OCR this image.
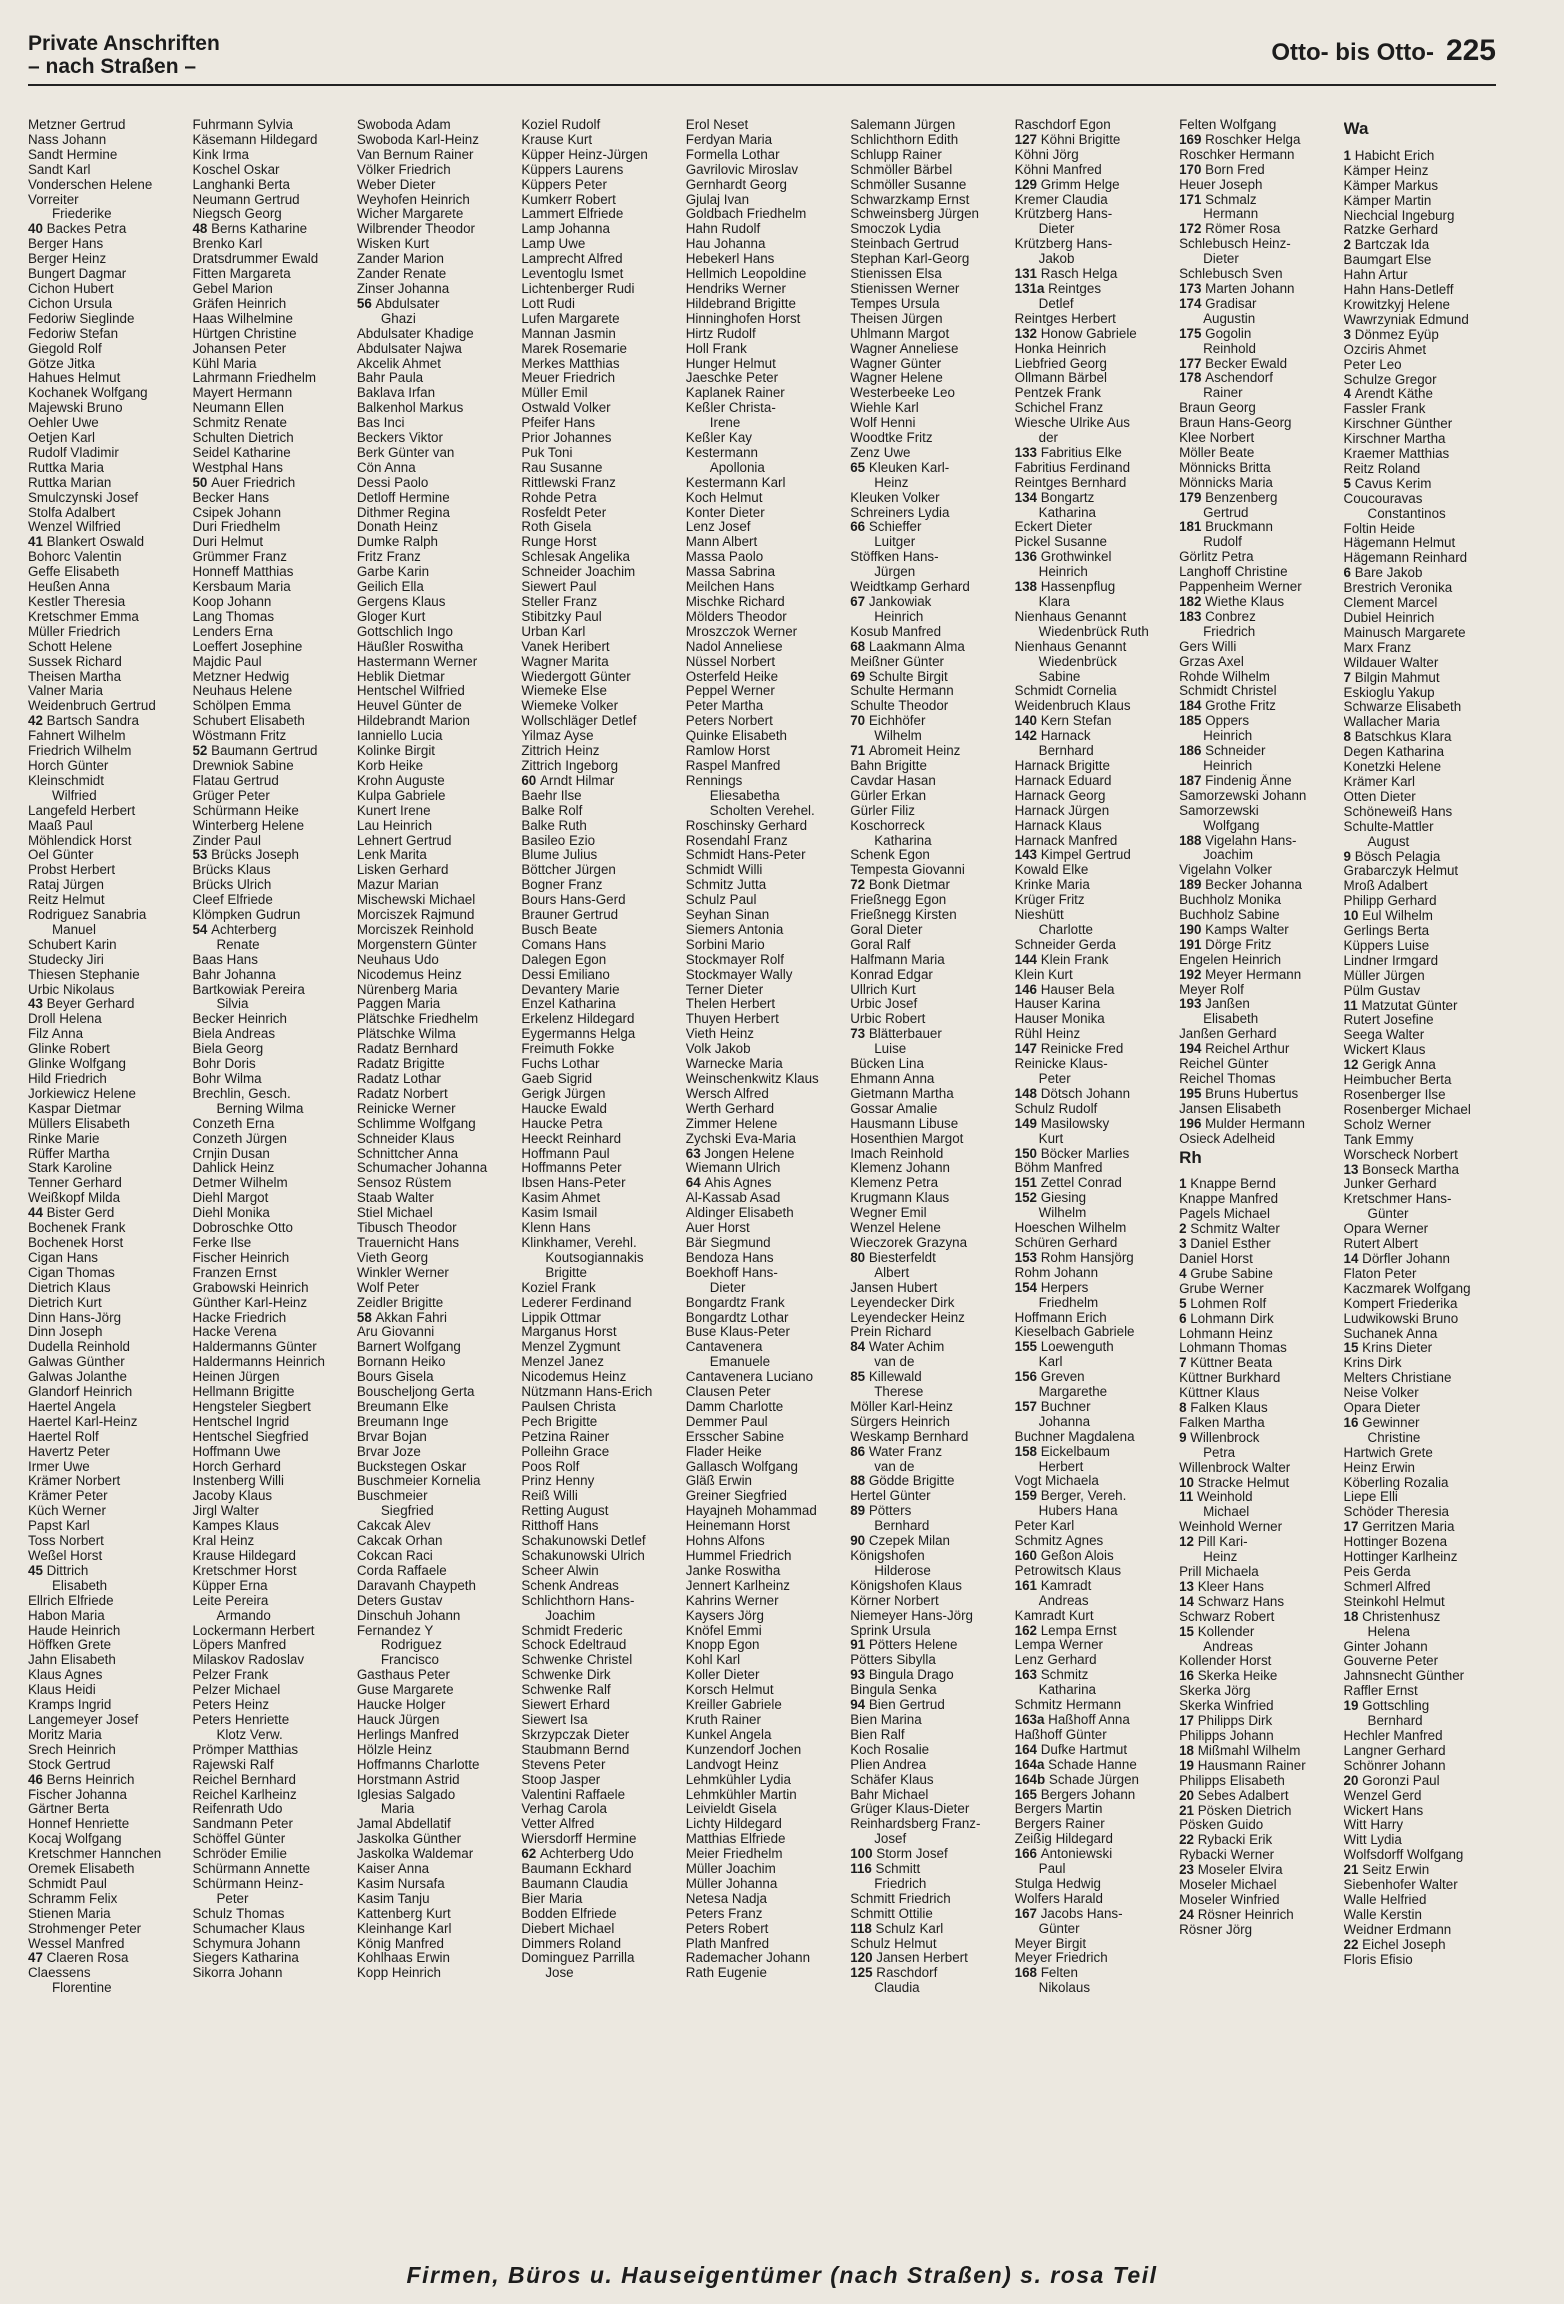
Private Anschriften
– nach Straßen –
Otto- bis Otto- 225
Metzner Gertrud
Nass Johann
Sandt Hermine
Sandt Karl
Vonderschen Helene
Vorreiter
Friederike
40 Backes Petra
Berger Hans
Berger Heinz
Bungert Dagmar
Cichon Hubert
Cichon Ursula
Fedoriw Sieglinde
Fedoriw Stefan
Giegold Rolf
Götze Jitka
Hahues Helmut
Kochanek Wolfgang
Majewski Bruno
Oehler Uwe
Oetjen Karl
Rudolf Vladimir
Ruttka Maria
Ruttka Marian
Smulczynski Josef
Stolfa Adalbert
Wenzel Wilfried
41 Blankert Oswald
Bohorc Valentin
Geffe Elisabeth
Heußen Anna
Kestler Theresia
Kretschmer Emma
Müller Friedrich
Schott Helene
Sussek Richard
Theisen Martha
Valner Maria
Weidenbruch Gertrud
42 Bartsch Sandra
Fahnert Wilhelm
Friedrich Wilhelm
Horch Günter
Kleinschmidt
Wilfried
Langefeld Herbert
Maaß Paul
Möhlendick Horst
Oel Günter
Probst Herbert
Rataj Jürgen
Reitz Helmut
Rodriguez Sanabria
Manuel
Schubert Karin
Studecky Jiri
Thiesen Stephanie
Urbic Nikolaus
43 Beyer Gerhard
Droll Helena
Filz Anna
Glinke Robert
Glinke Wolfgang
Hild Friedrich
Jorkiewicz Helene
Kaspar Dietmar
Müllers Elisabeth
Rinke Marie
Rüffer Martha
Stark Karoline
Tenner Gerhard
Weißkopf Milda
44 Bister Gerd
Bochenek Frank
Bochenek Horst
Cigan Hans
Cigan Thomas
Dietrich Klaus
Dietrich Kurt
Dinn Hans-Jörg
Dinn Joseph
Dudella Reinhold
Galwas Günther
Galwas Jolanthe
Glandorf Heinrich
Haertel Angela
Haertel Karl-Heinz
Haertel Rolf
Havertz Peter
Irmer Uwe
Krämer Norbert
Krämer Peter
Küch Werner
Papst Karl
Toss Norbert
Weßel Horst
45 Dittrich
Elisabeth
Ellrich Elfriede
Habon Maria
Haude Heinrich
Höffken Grete
Jahn Elisabeth
Klaus Agnes
Klaus Heidi
Kramps Ingrid
Langemeyer Josef
Moritz Maria
Srech Heinrich
Stock Gertrud
46 Berns Heinrich
Fischer Johanna
Gärtner Berta
Honnef Henriette
Kocaj Wolfgang
Kretschmer Hannchen
Oremek Elisabeth
Schmidt Paul
Schramm Felix
Stienen Maria
Strohmenger Peter
Wessel Manfred
47 Claeren Rosa
Claessens
Florentine
Fuhrmann Sylvia
Käsemann Hildegard
Kink Irma
Koschel Oskar
Langhanki Berta
Neumann Gertrud
Niegsch Georg
48 Berns Katharine
Brenko Karl
Dratsdrummer Ewald
Fitten Margareta
Gebel Marion
Gräfen Heinrich
Haas Wilhelmine
Hürtgen Christine
Johansen Peter
Kühl Maria
Lahrmann Friedhelm
Mayert Hermann
Neumann Ellen
Schmitz Renate
Schulten Dietrich
Seidel Katharine
Westphal Hans
50 Auer Friedrich
Becker Hans
Csipek Johann
Duri Friedhelm
Duri Helmut
Grümmer Franz
Honneff Matthias
Kersbaum Maria
Koop Johann
Lang Thomas
Lenders Erna
Loeffert Josephine
Majdic Paul
Metzner Hedwig
Neuhaus Helene
Schölpen Emma
Schubert Elisabeth
Wöstmann Fritz
52 Baumann Gertrud
Drewniok Sabine
Flatau Gertrud
Grüger Peter
Schürmann Heike
Winterberg Helene
Zinder Paul
53 Brücks Joseph
Brücks Klaus
Brücks Ulrich
Cleef Elfriede
Klömpken Gudrun
54 Achterberg
Renate
Baas Hans
Bahr Johanna
Bartkowiak Pereira
Silvia
Becker Heinrich
Biela Andreas
Biela Georg
Bohr Doris
Bohr Wilma
Brechlin, Gesch.
Berning Wilma
Conzeth Erna
Conzeth Jürgen
Crnjin Dusan
Dahlick Heinz
Detmer Wilhelm
Diehl Margot
Diehl Monika
Dobroschke Otto
Ferke Ilse
Fischer Heinrich
Franzen Ernst
Grabowski Heinrich
Günther Karl-Heinz
Hacke Friedrich
Hacke Verena
Haldermanns Günter
Haldermanns Heinrich
Heinen Jürgen
Hellmann Brigitte
Hengsteler Siegbert
Hentschel Ingrid
Hentschel Siegfried
Hoffmann Uwe
Horch Gerhard
Instenberg Willi
Jacoby Klaus
Jirgl Walter
Kampes Klaus
Kral Heinz
Krause Hildegard
Kretschmer Horst
Küpper Erna
Leite Pereira
Armando
Lockermann Herbert
Löpers Manfred
Milaskov Radoslav
Pelzer Frank
Pelzer Michael
Peters Heinz
Peters Henriette
Klotz Verw.
Prömper Matthias
Rajewski Ralf
Reichel Bernhard
Reichel Karlheinz
Reifenrath Udo
Sandmann Peter
Schöffel Günter
Schröder Emilie
Schürmann Annette
Schürmann Heinz-
Peter
Schulz Thomas
Schumacher Klaus
Schymura Johann
Siegers Katharina
Sikorra Johann
Swoboda Adam
Swoboda Karl-Heinz
Van Bernum Rainer
Völker Friedrich
Weber Dieter
Weyhofen Heinrich
Wicher Margarete
Wilbrender Theodor
Wisken Kurt
Zander Marion
Zander Renate
Zinser Johanna
56 Abdulsater
Ghazi
Abdulsater Khadige
Abdulsater Najwa
Akcelik Ahmet
Bahr Paula
Baklava Irfan
Balkenhol Markus
Bas Inci
Beckers Viktor
Berk Günter van
Cön Anna
Dessi Paolo
Detloff Hermine
Dithmer Regina
Donath Heinz
Dumke Ralph
Fritz Franz
Garbe Karin
Geilich Ella
Gergens Klaus
Gloger Kurt
Gottschlich Ingo
Häußler Roswitha
Hastermann Werner
Heblik Dietmar
Hentschel Wilfried
Heuvel Günter de
Hildebrandt Marion
Ianniello Lucia
Kolinke Birgit
Korb Heike
Krohn Auguste
Kulpa Gabriele
Kunert Irene
Lau Heinrich
Lehnert Gertrud
Lenk Marita
Lisken Gerhard
Mazur Marian
Mischewski Michael
Morciszek Rajmund
Morciszek Reinhold
Morgenstern Günter
Neuhaus Udo
Nicodemus Heinz
Nürenberg Maria
Paggen Maria
Plätschke Friedhelm
Plätschke Wilma
Radatz Bernhard
Radatz Brigitte
Radatz Lothar
Radatz Norbert
Reinicke Werner
Schlimme Wolfgang
Schneider Klaus
Schnittcher Anna
Schumacher Johanna
Sensoz Rüstem
Staab Walter
Stiel Michael
Tibusch Theodor
Trauernicht Hans
Vieth Georg
Winkler Werner
Wolf Peter
Zeidler Brigitte
58 Akkan Fahri
Aru Giovanni
Barnert Wolfgang
Bornann Heiko
Bours Gisela
Bouscheljong Gerta
Breumann Elke
Breumann Inge
Brvar Bojan
Brvar Joze
Buckstegen Oskar
Buschmeier Kornelia
Buschmeier
Siegfried
Cakcak Alev
Cakcak Orhan
Cokcan Raci
Corda Raffaele
Daravanh Chaypeth
Deters Gustav
Dinschuh Johann
Fernandez Y
Rodriguez
Francisco
Gasthaus Peter
Guse Margarete
Haucke Holger
Hauck Jürgen
Herlings Manfred
Hölzle Heinz
Hoffmanns Charlotte
Horstmann Astrid
Iglesias Salgado
Maria
Jamal Abdellatif
Jaskolka Günther
Jaskolka Waldemar
Kaiser Anna
Kasim Nursafa
Kasim Tanju
Kattenberg Kurt
Kleinhange Karl
König Manfred
Kohlhaas Erwin
Kopp Heinrich
Koziel Rudolf
Krause Kurt
Küpper Heinz-Jürgen
Küppers Laurens
Küppers Peter
Kumkerr Robert
Lammert Elfriede
Lamp Johanna
Lamp Uwe
Lamprecht Alfred
Leventoglu Ismet
Lichtenberger Rudi
Lott Rudi
Lufen Margarete
Mannan Jasmin
Marek Rosemarie
Merkes Matthias
Meuer Friedrich
Müller Emil
Ostwald Volker
Pfeifer Hans
Prior Johannes
Puk Toni
Rau Susanne
Rittlewski Franz
Rohde Petra
Rosfeldt Peter
Roth Gisela
Runge Horst
Schlesak Angelika
Schneider Joachim
Siewert Paul
Steller Franz
Stibitzky Paul
Urban Karl
Vanek Heribert
Wagner Marita
Wiedergott Günter
Wiemeke Else
Wiemeke Volker
Wollschläger Detlef
Yilmaz Ayse
Zittrich Heinz
Zittrich Ingeborg
60 Arndt Hilmar
Baehr Ilse
Balke Rolf
Balke Ruth
Basileo Ezio
Blume Julius
Böttcher Jürgen
Bogner Franz
Bours Hans-Gerd
Brauner Gertrud
Busch Beate
Comans Hans
Dalegen Egon
Dessi Emiliano
Devantery Marie
Enzel Katharina
Erkelenz Hildegard
Eygermanns Helga
Freimuth Fokke
Fuchs Lothar
Gaeb Sigrid
Gerigk Jürgen
Haucke Ewald
Haucke Petra
Heeckt Reinhard
Hoffmann Paul
Hoffmanns Peter
Ibsen Hans-Peter
Kasim Ahmet
Kasim Ismail
Klenn Hans
Klinkhamer, Verehl.
Koutsogiannakis
Brigitte
Koziel Frank
Lederer Ferdinand
Lippik Ottmar
Marganus Horst
Menzel Zygmunt
Menzel Janez
Nicodemus Heinz
Nützmann Hans-Erich
Paulsen Christa
Pech Brigitte
Petzina Rainer
Polleihn Grace
Poos Rolf
Prinz Henny
Reiß Willi
Retting August
Ritthoff Hans
Schakunowski Detlef
Schakunowski Ulrich
Scheer Alwin
Schenk Andreas
Schlichthorn Hans-
Joachim
Schmidt Frederic
Schock Edeltraud
Schwenke Christel
Schwenke Dirk
Schwenke Ralf
Siewert Erhard
Siewert Isa
Skrzypczak Dieter
Staubmann Bernd
Stevens Peter
Stoop Jasper
Valentini Raffaele
Verhag Carola
Vetter Alfred
Wiersdorff Hermine
62 Achterberg Udo
Baumann Eckhard
Baumann Claudia
Bier Maria
Bodden Elfriede
Diebert Michael
Dimmers Roland
Dominguez Parrilla
Jose
Erol Neset
Ferdyan Maria
Formella Lothar
Gavrilovic Miroslav
Gernhardt Georg
Gjulaj Ivan
Goldbach Friedhelm
Hahn Rudolf
Hau Johanna
Hebekerl Hans
Hellmich Leopoldine
Hendriks Werner
Hildebrand Brigitte
Hinninghofen Horst
Hirtz Rudolf
Holl Frank
Hunger Helmut
Jaeschke Peter
Kaplanek Rainer
Keßler Christa-
Irene
Keßler Kay
Kestermann
Apollonia
Kestermann Karl
Koch Helmut
Konter Dieter
Lenz Josef
Mann Albert
Massa Paolo
Massa Sabrina
Meilchen Hans
Mischke Richard
Mölders Theodor
Mroszczok Werner
Nadol Anneliese
Nüssel Norbert
Osterfeld Heike
Peppel Werner
Peter Martha
Peters Norbert
Quinke Elisabeth
Ramlow Horst
Raspel Manfred
Rennings
Eliesabetha
Scholten Verehel.
Roschinsky Gerhard
Rosendahl Franz
Schmidt Hans-Peter
Schmidt Willi
Schmitz Jutta
Schulz Paul
Seyhan Sinan
Siemers Antonia
Sorbini Mario
Stockmayer Rolf
Stockmayer Wally
Terner Dieter
Thelen Herbert
Thuyen Herbert
Vieth Heinz
Volk Jakob
Warnecke Maria
Weinschenkwitz Klaus
Wersch Alfred
Werth Gerhard
Zimmer Helene
Zychski Eva-Maria
63 Jongen Helene
Wiemann Ulrich
64 Ahis Agnes
Al-Kassab Asad
Aldinger Elisabeth
Auer Horst
Bär Siegmund
Bendoza Hans
Boekhoff Hans-
Dieter
Bongardtz Frank
Bongardtz Lothar
Buse Klaus-Peter
Cantavenera
Emanuele
Cantavenera Luciano
Clausen Peter
Damm Charlotte
Demmer Paul
Ersscher Sabine
Flader Heike
Gallasch Wolfgang
Gläß Erwin
Greiner Siegfried
Hayajneh Mohammad
Heinemann Horst
Hohns Alfons
Hummel Friedrich
Janke Roswitha
Jennert Karlheinz
Kahrins Werner
Kaysers Jörg
Knöfel Emmi
Knopp Egon
Kohl Karl
Koller Dieter
Korsch Helmut
Kreiller Gabriele
Kruth Rainer
Kunkel Angela
Kunzendorf Jochen
Landvogt Heinz
Lehmkühler Lydia
Lehmkühler Martin
Leivieldt Gisela
Lichty Hildegard
Matthias Elfriede
Meier Friedhelm
Müller Joachim
Müller Johanna
Netesa Nadja
Peters Franz
Peters Robert
Plath Manfred
Rademacher Johann
Rath Eugenie
Salemann Jürgen
Schlichthorn Edith
Schlupp Rainer
Schmöller Bärbel
Schmöller Susanne
Schwarzkamp Ernst
Schweinsberg Jürgen
Smoczok Lydia
Steinbach Gertrud
Stephan Karl-Georg
Stienissen Elsa
Stienissen Werner
Tempes Ursula
Theisen Jürgen
Uhlmann Margot
Wagner Anneliese
Wagner Günter
Wagner Helene
Westerbeeke Leo
Wiehle Karl
Wolf Henni
Woodtke Fritz
Zenz Uwe
65 Kleuken Karl-
Heinz
Kleuken Volker
Schreiners Lydia
66 Schieffer
Luitger
Stöffken Hans-
Jürgen
Weidtkamp Gerhard
67 Jankowiak
Heinrich
Kosub Manfred
68 Laakmann Alma
Meißner Günter
69 Schulte Birgit
Schulte Hermann
Schulte Theodor
70 Eichhöfer
Wilhelm
71 Abromeit Heinz
Bahn Brigitte
Cavdar Hasan
Gürler Erkan
Gürler Filiz
Koschorreck
Katharina
Schenk Egon
Tempesta Giovanni
72 Bonk Dietmar
Frießnegg Egon
Frießnegg Kirsten
Goral Dieter
Goral Ralf
Halfmann Maria
Konrad Edgar
Ullrich Kurt
Urbic Josef
Urbic Robert
73 Blätterbauer
Luise
Bücken Lina
Ehmann Anna
Gietmann Martha
Gossar Amalie
Hausmann Libuse
Hosenthien Margot
Imach Reinhold
Klemenz Johann
Klemenz Petra
Krugmann Klaus
Wegner Emil
Wenzel Helene
Wieczorek Grazyna
80 Biesterfeldt
Albert
Jansen Hubert
Leyendecker Dirk
Leyendecker Heinz
Prein Richard
84 Water Achim
van de
85 Killewald
Therese
Möller Karl-Heinz
Sürgers Heinrich
Weskamp Bernhard
86 Water Franz
van de
88 Gödde Brigitte
Hertel Günter
89 Pötters
Bernhard
90 Czepek Milan
Königshofen
Hilderose
Königshofen Klaus
Körner Norbert
Niemeyer Hans-Jörg
Sprink Ursula
91 Pötters Helene
Pötters Sibylla
93 Bingula Drago
Bingula Senka
94 Bien Gertrud
Bien Marina
Bien Ralf
Koch Rosalie
Plien Andrea
Schäfer Klaus
Bahr Michael
Grüger Klaus-Dieter
Reinhardsberg Franz-
Josef
100 Storm Josef
116 Schmitt
Friedrich
Schmitt Friedrich
Schmitt Ottilie
118 Schulz Karl
Schulz Helmut
120 Jansen Herbert
125 Raschdorf
Claudia
Raschdorf Egon
127 Köhni Brigitte
Köhni Jörg
Köhni Manfred
129 Grimm Helge
Kremer Claudia
Krützberg Hans-
Dieter
Krützberg Hans-
Jakob
131 Rasch Helga
131a Reintges
Detlef
Reintges Herbert
132 Honow Gabriele
Honka Heinrich
Liebfried Georg
Ollmann Bärbel
Pentzek Frank
Schichel Franz
Wiesche Ulrike Aus
der
133 Fabritius Elke
Fabritius Ferdinand
Reintges Bernhard
134 Bongartz
Katharina
Eckert Dieter
Pickel Susanne
136 Grothwinkel
Heinrich
138 Hassenpflug
Klara
Nienhaus Genannt
Wiedenbrück Ruth
Nienhaus Genannt
Wiedenbrück
Sabine
Schmidt Cornelia
Weidenbruch Klaus
140 Kern Stefan
142 Harnack
Bernhard
Harnack Brigitte
Harnack Eduard
Harnack Georg
Harnack Jürgen
Harnack Klaus
Harnack Manfred
143 Kimpel Gertrud
Kowald Elke
Krinke Maria
Krüger Fritz
Nieshütt
Charlotte
Schneider Gerda
144 Klein Frank
Klein Kurt
146 Hauser Bela
Hauser Karina
Hauser Monika
Rühl Heinz
147 Reinicke Fred
Reinicke Klaus-
Peter
148 Dötsch Johann
Schulz Rudolf
149 Masilowsky
Kurt
150 Böcker Marlies
Böhm Manfred
151 Zettel Conrad
152 Giesing
Wilhelm
Hoeschen Wilhelm
Schüren Gerhard
153 Rohm Hansjörg
Rohm Johann
154 Herpers
Friedhelm
Hoffmann Erich
Kieselbach Gabriele
155 Loewenguth
Karl
156 Greven
Margarethe
157 Buchner
Johanna
Buchner Magdalena
158 Eickelbaum
Herbert
Vogt Michaela
159 Berger, Vereh.
Hubers Hana
Peter Karl
Schmitz Agnes
160 Geßon Alois
Petrowitsch Klaus
161 Kamradt
Andreas
Kamradt Kurt
162 Lempa Ernst
Lempa Werner
Lenz Gerhard
163 Schmitz
Katharina
Schmitz Hermann
163a Haßhoff Anna
Haßhoff Günter
164 Dufke Hartmut
164a Schade Hanne
164b Schade Jürgen
165 Bergers Johann
Bergers Martin
Bergers Rainer
Zeißig Hildegard
166 Antoniewski
Paul
Stulga Hedwig
Wolfers Harald
167 Jacobs Hans-
Günter
Meyer Birgit
Meyer Friedrich
168 Felten
Nikolaus
Felten Wolfgang
169 Roschker Helga
Roschker Hermann
170 Born Fred
Heuer Joseph
171 Schmalz
Hermann
172 Römer Rosa
Schlebusch Heinz-
Dieter
Schlebusch Sven
173 Marten Johann
174 Gradisar
Augustin
175 Gogolin
Reinhold
177 Becker Ewald
178 Aschendorf
Rainer
Braun Georg
Braun Hans-Georg
Klee Norbert
Möller Beate
Mönnicks Britta
Mönnicks Maria
179 Benzenberg
Gertrud
181 Bruckmann
Rudolf
Görlitz Petra
Langhoff Christine
Pappenheim Werner
182 Wiethe Klaus
183 Conbrez
Friedrich
Gers Willi
Grzas Axel
Rohde Wilhelm
Schmidt Christel
184 Grothe Fritz
185 Oppers
Heinrich
186 Schneider
Heinrich
187 Findenig Änne
Samorzewski Johann
Samorzewski
Wolfgang
188 Vigelahn Hans-
Joachim
Vigelahn Volker
189 Becker Johanna
Buchholz Monika
Buchholz Sabine
190 Kamps Walter
191 Dörge Fritz
Engelen Heinrich
192 Meyer Hermann
Meyer Rolf
193 Janßen
Elisabeth
Janßen Gerhard
194 Reichel Arthur
Reichel Günter
Reichel Thomas
195 Bruns Hubertus
Jansen Elisabeth
196 Mulder Hermann
Osieck Adelheid
Rh
1 Knappe Bernd
Knappe Manfred
Pagels Michael
2 Schmitz Walter
3 Daniel Esther
Daniel Horst
4 Grube Sabine
Grube Werner
5 Lohmen Rolf
6 Lohmann Dirk
Lohmann Heinz
Lohmann Thomas
7 Küttner Beata
Küttner Burkhard
Küttner Klaus
8 Falken Klaus
Falken Martha
9 Willenbrock
Petra
Willenbrock Walter
10 Stracke Helmut
11 Weinhold
Michael
Weinhold Werner
12 Pill Kari-
Heinz
Prill Michaela
13 Kleer Hans
14 Schwarz Hans
Schwarz Robert
15 Kollender
Andreas
Kollender Horst
16 Skerka Heike
Skerka Jörg
Skerka Winfried
17 Philipps Dirk
Philipps Johann
18 Mißmahl Wilhelm
19 Hausmann Rainer
Philipps Elisabeth
20 Sebes Adalbert
21 Pösken Dietrich
Pösken Guido
22 Rybacki Erik
Rybacki Werner
23 Moseler Elvira
Moseler Michael
Moseler Winfried
24 Rösner Heinrich
Rösner Jörg
Wa
1 Habicht Erich
Kämper Heinz
Kämper Markus
Kämper Martin
Niechcial Ingeburg
Ratzke Gerhard
2 Bartczak Ida
Baumgart Else
Hahn Artur
Hahn Hans-Detleff
Krowitzkyj Helene
Wawrzyniak Edmund
3 Dönmez Eyüp
Ozciris Ahmet
Peter Leo
Schulze Gregor
4 Arendt Käthe
Fassler Frank
Kirschner Günther
Kirschner Martha
Kraemer Matthias
Reitz Roland
5 Cavus Kerim
Coucouravas
Constantinos
Foltin Heide
Hägemann Helmut
Hägemann Reinhard
6 Bare Jakob
Brestrich Veronika
Clement Marcel
Dubiel Heinrich
Mainusch Margarete
Marx Franz
Wildauer Walter
7 Bilgin Mahmut
Eskioglu Yakup
Schwarze Elisabeth
Wallacher Maria
8 Batschkus Klara
Degen Katharina
Konetzki Helene
Krämer Karl
Otten Dieter
Schöneweiß Hans
Schulte-Mattler
August
9 Bösch Pelagia
Grabarczyk Helmut
Mroß Adalbert
Philipp Gerhard
10 Eul Wilhelm
Gerlings Berta
Küppers Luise
Lindner Irmgard
Müller Jürgen
Pülm Gustav
11 Matzutat Günter
Rutert Josefine
Seega Walter
Wickert Klaus
12 Gerigk Anna
Heimbucher Berta
Rosenberger Ilse
Rosenberger Michael
Scholz Werner
Tank Emmy
Worscheck Norbert
13 Bonseck Martha
Junker Gerhard
Kretschmer Hans-
Günter
Opara Werner
Rutert Albert
14 Dörfler Johann
Flaton Peter
Kaczmarek Wolfgang
Kompert Friederika
Ludwikowski Bruno
Suchanek Anna
15 Krins Dieter
Krins Dirk
Melters Christiane
Neise Volker
Opara Dieter
16 Gewinner
Christine
Hartwich Grete
Heinz Erwin
Köberling Rozalia
Liepe Elli
Schöder Theresia
17 Gerritzen Maria
Hottinger Bozena
Hottinger Karlheinz
Peis Gerda
Schmerl Alfred
Steinkohl Helmut
18 Christenhusz
Helena
Ginter Johann
Gouverne Peter
Jahnsnecht Günther
Raffler Ernst
19 Gottschling
Bernhard
Hechler Manfred
Langner Gerhard
Schönrer Johann
20 Goronzi Paul
Wenzel Gerd
Wickert Hans
Witt Harry
Witt Lydia
Wolfsdorff Wolfgang
21 Seitz Erwin
Siebenhofer Walter
Walle Helfried
Walle Kerstin
Weidner Erdmann
22 Eichel Joseph
Floris Efisio
Firmen, Büros u. Hauseigentümer (nach Straßen) s. rosa Teil
